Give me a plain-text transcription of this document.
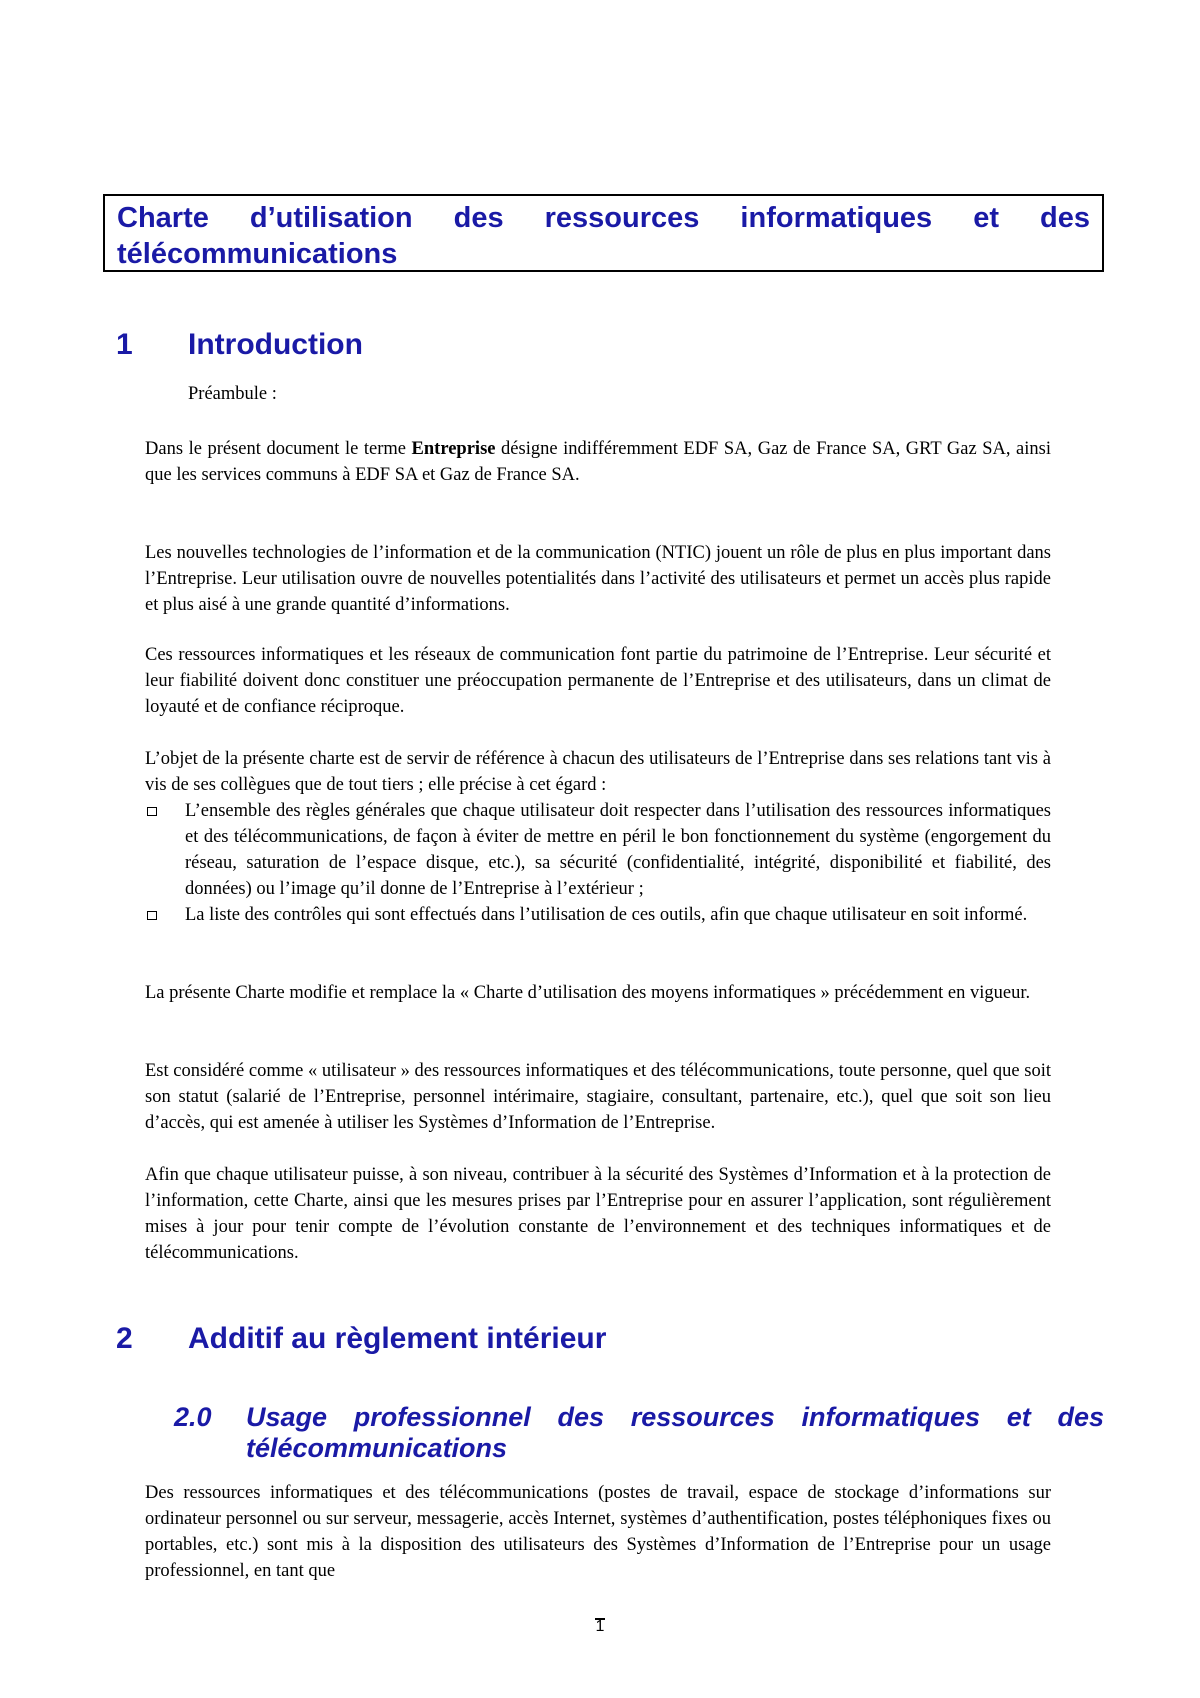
Charte d’utilisation des ressources informatiques et des télécommunications

1 Introduction

Préambule :

Dans le présent document le terme Entreprise désigne indifféremment EDF SA, Gaz de France SA, GRT Gaz SA, ainsi que les services communs à EDF SA et Gaz de France SA.

Les nouvelles technologies de l’information et de la communication (NTIC) jouent un rôle de plus en plus important dans l’Entreprise. Leur utilisation ouvre de nouvelles potentialités dans l’activité des utilisateurs et permet un accès plus rapide et plus aisé à une grande quantité d’informations.

Ces ressources informatiques et les réseaux de communication font partie du patrimoine de l’Entreprise. Leur sécurité et leur fiabilité doivent donc constituer une préoccupation permanente de l’Entreprise et des utilisateurs, dans un climat de loyauté et de confiance réciproque.

L’objet de la présente charte est de servir de référence à chacun des utilisateurs de l’Entreprise dans ses relations tant vis à vis de ses collègues que de tout tiers ; elle précise à cet égard :

L’ensemble des règles générales que chaque utilisateur doit respecter dans l’utilisation des ressources informatiques et des télécommunications, de façon à éviter de mettre en péril le bon fonctionnement du système (engorgement du réseau, saturation de l’espace disque, etc.), sa sécurité (confidentialité, intégrité, disponibilité et fiabilité, des données) ou l’image qu’il donne de l’Entreprise à l’extérieur ;
La liste des contrôles qui sont effectués dans l’utilisation de ces outils, afin que chaque utilisateur en soit informé.

La présente Charte modifie et remplace la « Charte d’utilisation des moyens informatiques » précédemment en vigueur.

Est considéré comme « utilisateur » des ressources informatiques et des télécommunications, toute personne, quel que soit son statut (salarié de l’Entreprise, personnel intérimaire, stagiaire, consultant, partenaire, etc.), quel que soit son lieu d’accès, qui est amenée à utiliser les Systèmes d’Information de l’Entreprise.

Afin que chaque utilisateur puisse, à son niveau, contribuer à la sécurité des Systèmes d’Information et à la protection de l’information, cette Charte, ainsi que les mesures prises par l’Entreprise pour en assurer l’application, sont régulièrement mises à jour pour tenir compte de l’évolution constante de l’environnement et des techniques informatiques et de télécommunications.

2 Additif au règlement intérieur
2.0	Usage professionnel des ressources informatiques et des télécommunications

Des ressources informatiques et des télécommunications (postes de travail, espace de stockage d’informations sur ordinateur personnel ou sur serveur, messagerie, accès Internet, systèmes d’authentification, postes téléphoniques fixes ou portables, etc.) sont mis à la disposition des utilisateurs des Systèmes d’Information de l’Entreprise pour un usage professionnel, en tant que

1
